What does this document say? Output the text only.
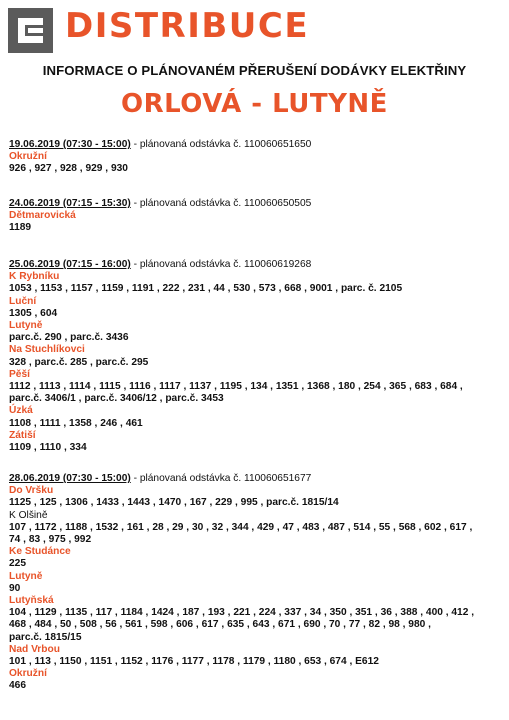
DISTRIBUCE
INFORMACE O PLÁNOVANÉM PŘERUŠENÍ DODÁVKY ELEKTŘINY
ORLOVÁ - LUTYNĚ
19.06.2019 (07:30 - 15:00) - plánovaná odstávka č. 110060651650
Okružní
926 , 927 , 928 , 929 , 930
24.06.2019 (07:15 - 15:30) - plánovaná odstávka č. 110060650505
Dětmarovická
1189
25.06.2019 (07:15 - 16:00) - plánovaná odstávka č. 110060619268
K Rybníku
1053 , 1153 , 1157 , 1159 , 1191 , 222 , 231 , 44 , 530 , 573 , 668 , 9001 , parc. č. 2105
Luční
1305 , 604
Lutyně
parc.č. 290 , parc.č. 3436
Na Stuchlíkovci
328 , parc.č. 285 , parc.č. 295
Pěší
1112 , 1113 , 1114 , 1115 , 1116 , 1117 , 1137 , 1195 , 134 , 1351 , 1368 , 180 , 254 , 365 , 683 , 684 ,
parc.č. 3406/1 , parc.č. 3406/12 , parc.č. 3453
Úzká
1108 , 1111 , 1358 , 246 , 461
Zátiší
1109 , 1110 , 334
28.06.2019 (07:30 - 15:00) - plánovaná odstávka č. 110060651677
Do Vršku
1125 , 125 , 1306 , 1433 , 1443 , 1470 , 167 , 229 , 995 , parc.č. 1815/14
K Olšině
107 , 1172 , 1188 , 1532 , 161 , 28 , 29 , 30 , 32 , 344 , 429 , 47 , 483 , 487 , 514 , 55 , 568 , 602 , 617 ,
74 , 83 , 975 , 992
Ke Studánce
225
Lutyně
90
Lutyňská
104 , 1129 , 1135 , 117 , 1184 , 1424 , 187 , 193 , 221 , 224 , 337 , 34 , 350 , 351 , 36 , 388 , 400 , 412 ,
468 , 484 , 50 , 508 , 56 , 561 , 598 , 606 , 617 , 635 , 643 , 671 , 690 , 70 , 77 , 82 , 98 , 980 ,
parc.č. 1815/15
Nad Vrbou
101 , 113 , 1150 , 1151 , 1152 , 1176 , 1177 , 1178 , 1179 , 1180 , 653 , 674 , E612
Okružní
466
